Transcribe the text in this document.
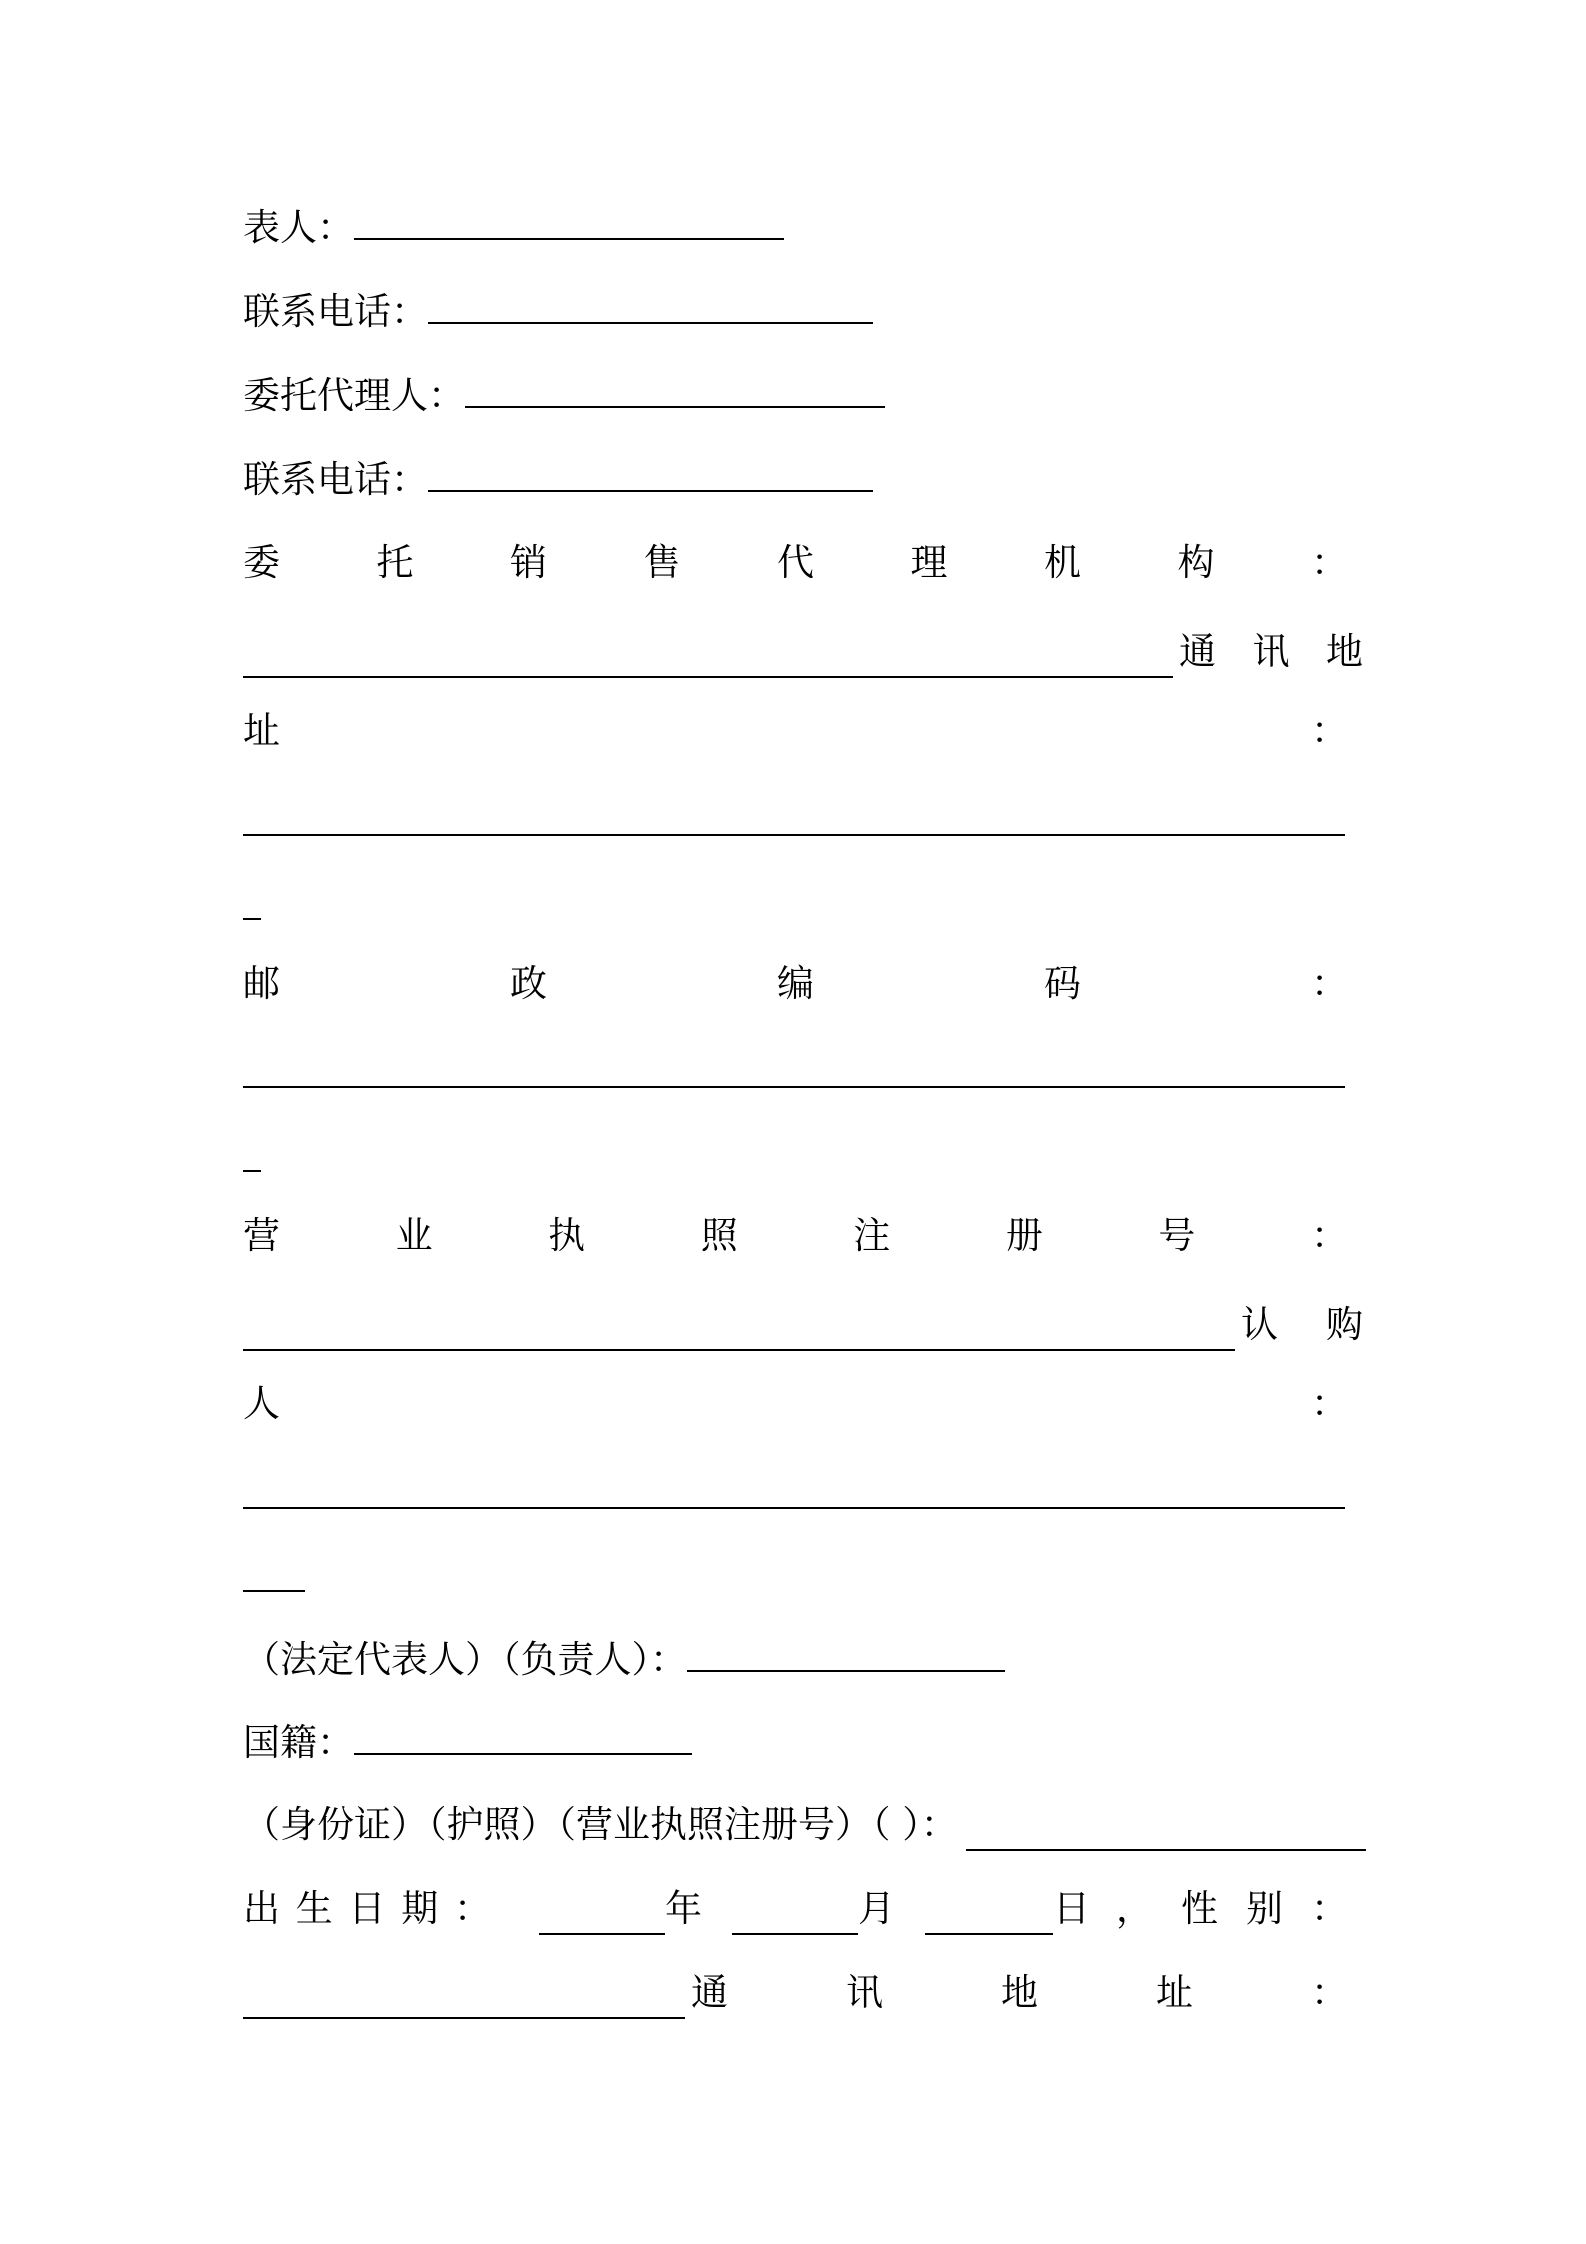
表人：
联系电话：
委托代理人：
联系电话：
委	托	销	售	代	理	机	构	：
通 讯 地
址	：
邮	政	编	码	：
营	业	执	照	注	册	号	：
认 购
人	：
（法定代表人）（负责人）：
国籍：
（身份证）（护照）（营业执照注册号）（ ）：
出 生 日 期 ：	年	月	日 ， 性 别 ：
通	讯	地	址	：
